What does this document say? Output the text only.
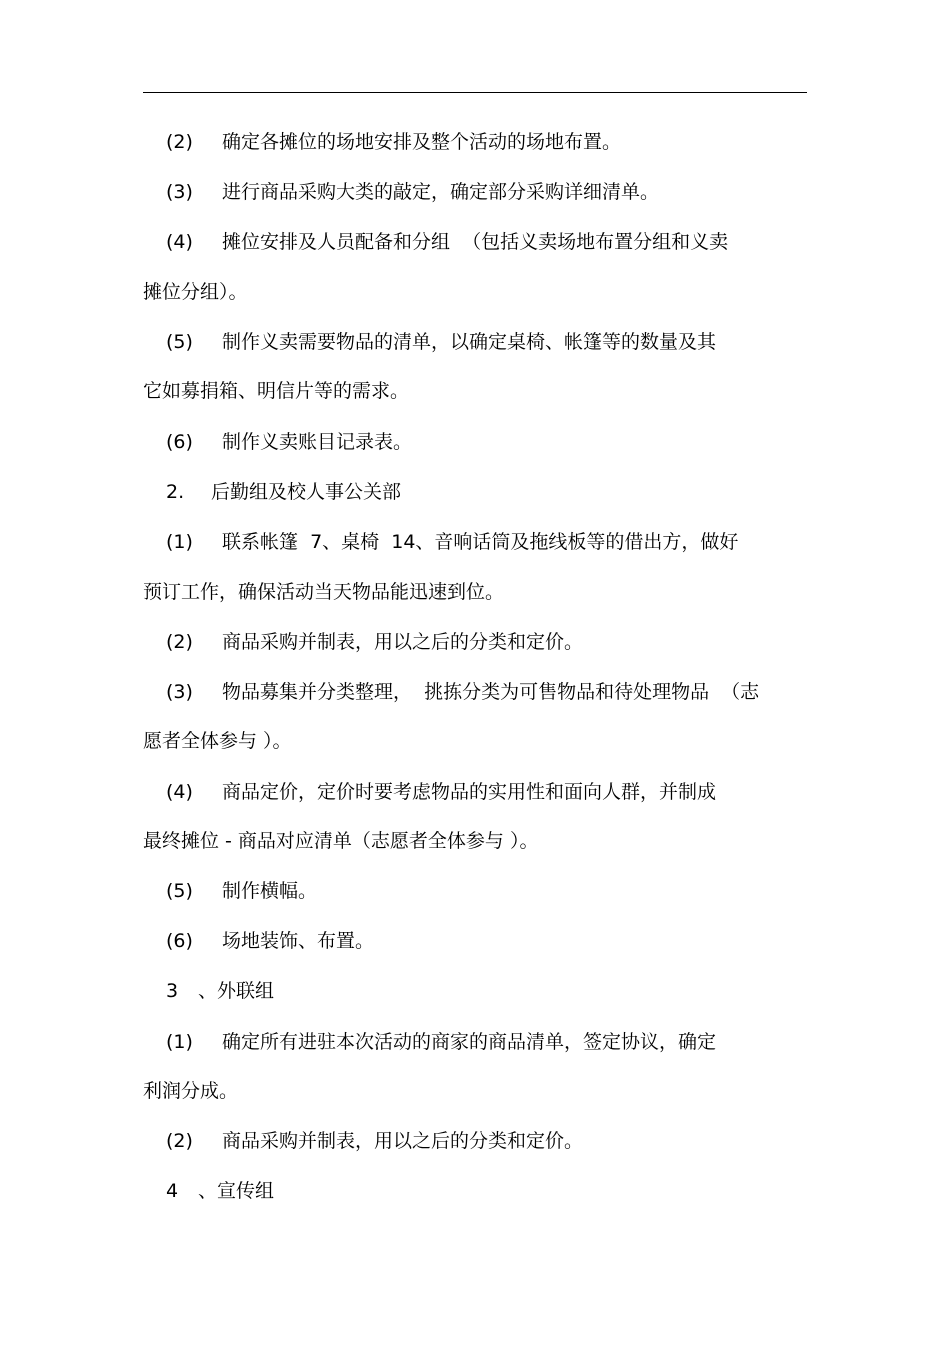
(2) 确定各摊位的场地安排及整个活动的场地布置。
(3) 进行商品采购大类的敲定，确定部分采购详细清单。
(4) 摊位安排及人员配备和分组  （包括义卖场地布置分组和义卖
摊位分组）。
(5) 制作义卖需要物品的清单，以确定桌椅、帐篷等的数量及其
它如募捐箱、明信片等的需求。
(6) 制作义卖账目记录表。
2. 后勤组及校人事公关部
(1) 联系帐篷  7、桌椅  14、音响话筒及拖线板等的借出方，做好
预订工作，确保活动当天物品能迅速到位。
(2) 商品采购并制表，用以之后的分类和定价。
(3) 物品募集并分类整理，  挑拣分类为可售物品和待处理物品  （志
愿者全体参与 ）。
(4) 商品定价，定价时要考虑物品的实用性和面向人群，并制成
最终摊位 - 商品对应清单（志愿者全体参与 ）。
(5) 制作横幅。
(6) 场地装饰、布置。
3 、外联组
(1) 确定所有进驻本次活动的商家的商品清单，签定协议，确定
利润分成。
(2) 商品采购并制表，用以之后的分类和定价。
4 、宣传组
